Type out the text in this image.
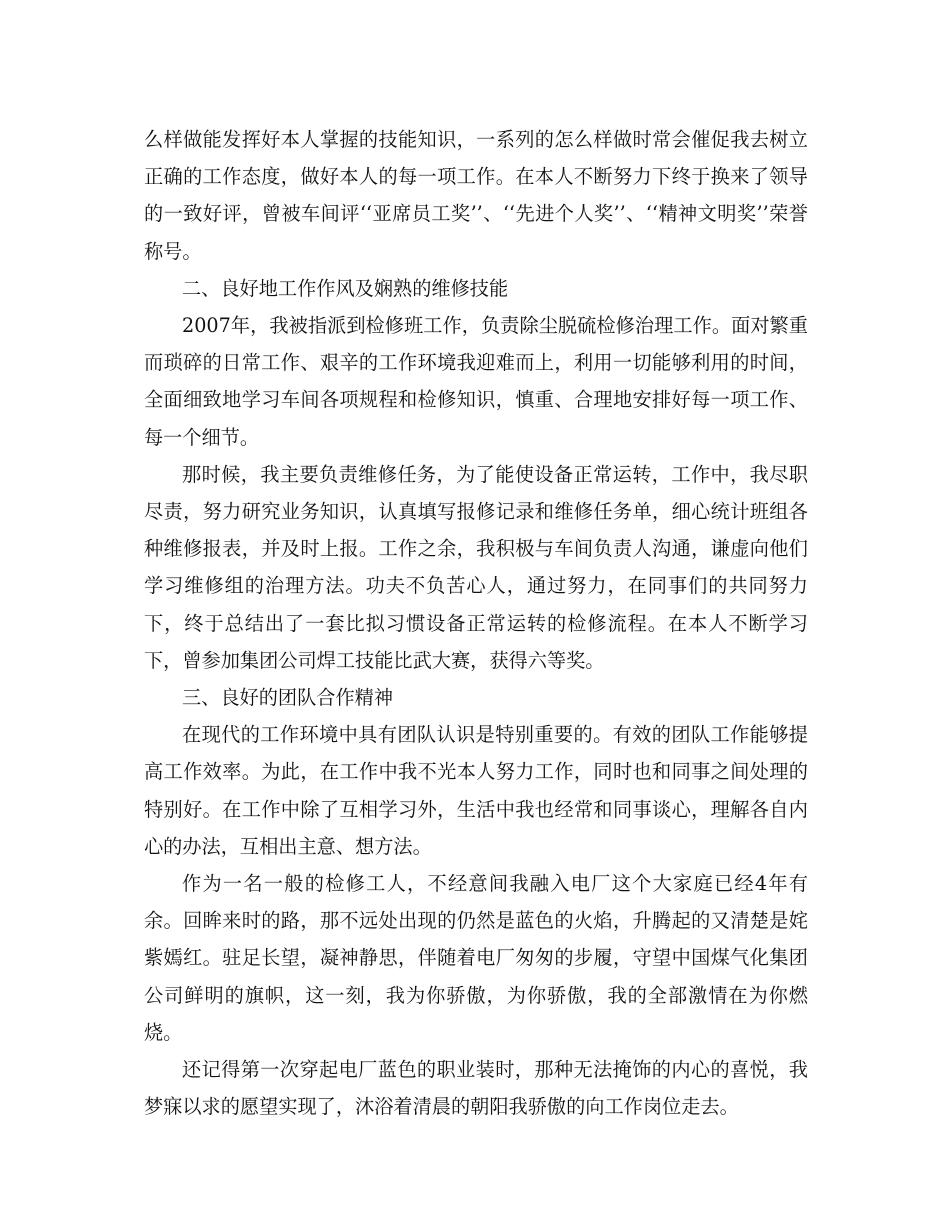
么样做能发挥好本人掌握的技能知识，一系列的怎么样做时常会催促我去树立正确的工作态度，做好本人的每一项工作。在本人不断努力下终于换来了领导的一致好评，曾被车间评‘‘亚席员工奖’’、‘‘先进个人奖’’、‘‘精神文明奖’’荣誉称号。

二、良好地工作作风及娴熟的维修技能

2007年，我被指派到检修班工作，负责除尘脱硫检修治理工作。面对繁重而琐碎的日常工作、艰辛的工作环境我迎难而上，利用一切能够利用的时间，全面细致地学习车间各项规程和检修知识，慎重、合理地安排好每一项工作、每一个细节。

那时候，我主要负责维修任务，为了能使设备正常运转，工作中，我尽职尽责，努力研究业务知识，认真填写报修记录和维修任务单，细心统计班组各种维修报表，并及时上报。工作之余，我积极与车间负责人沟通，谦虚向他们学习维修组的治理方法。功夫不负苦心人，通过努力，在同事们的共同努力下，终于总结出了一套比拟习惯设备正常运转的检修流程。在本人不断学习下，曾参加集团公司焊工技能比武大赛，获得六等奖。

三、良好的团队合作精神

在现代的工作环境中具有团队认识是特别重要的。有效的团队工作能够提高工作效率。为此，在工作中我不光本人努力工作，同时也和同事之间处理的特别好。在工作中除了互相学习外，生活中我也经常和同事谈心，理解各自内心的办法，互相出主意、想方法。

作为一名一般的检修工人，不经意间我融入电厂这个大家庭已经4年有余。回眸来时的路，那不远处出现的仍然是蓝色的火焰，升腾起的又清楚是姹紫嫣红。驻足长望，凝神静思，伴随着电厂匆匆的步履，守望中国煤气化集团公司鲜明的旗帜，这一刻，我为你骄傲，为你骄傲，我的全部激情在为你燃烧。

还记得第一次穿起电厂蓝色的职业装时，那种无法掩饰的内心的喜悦，我梦寐以求的愿望实现了，沐浴着清晨的朝阳我骄傲的向工作岗位走去。
